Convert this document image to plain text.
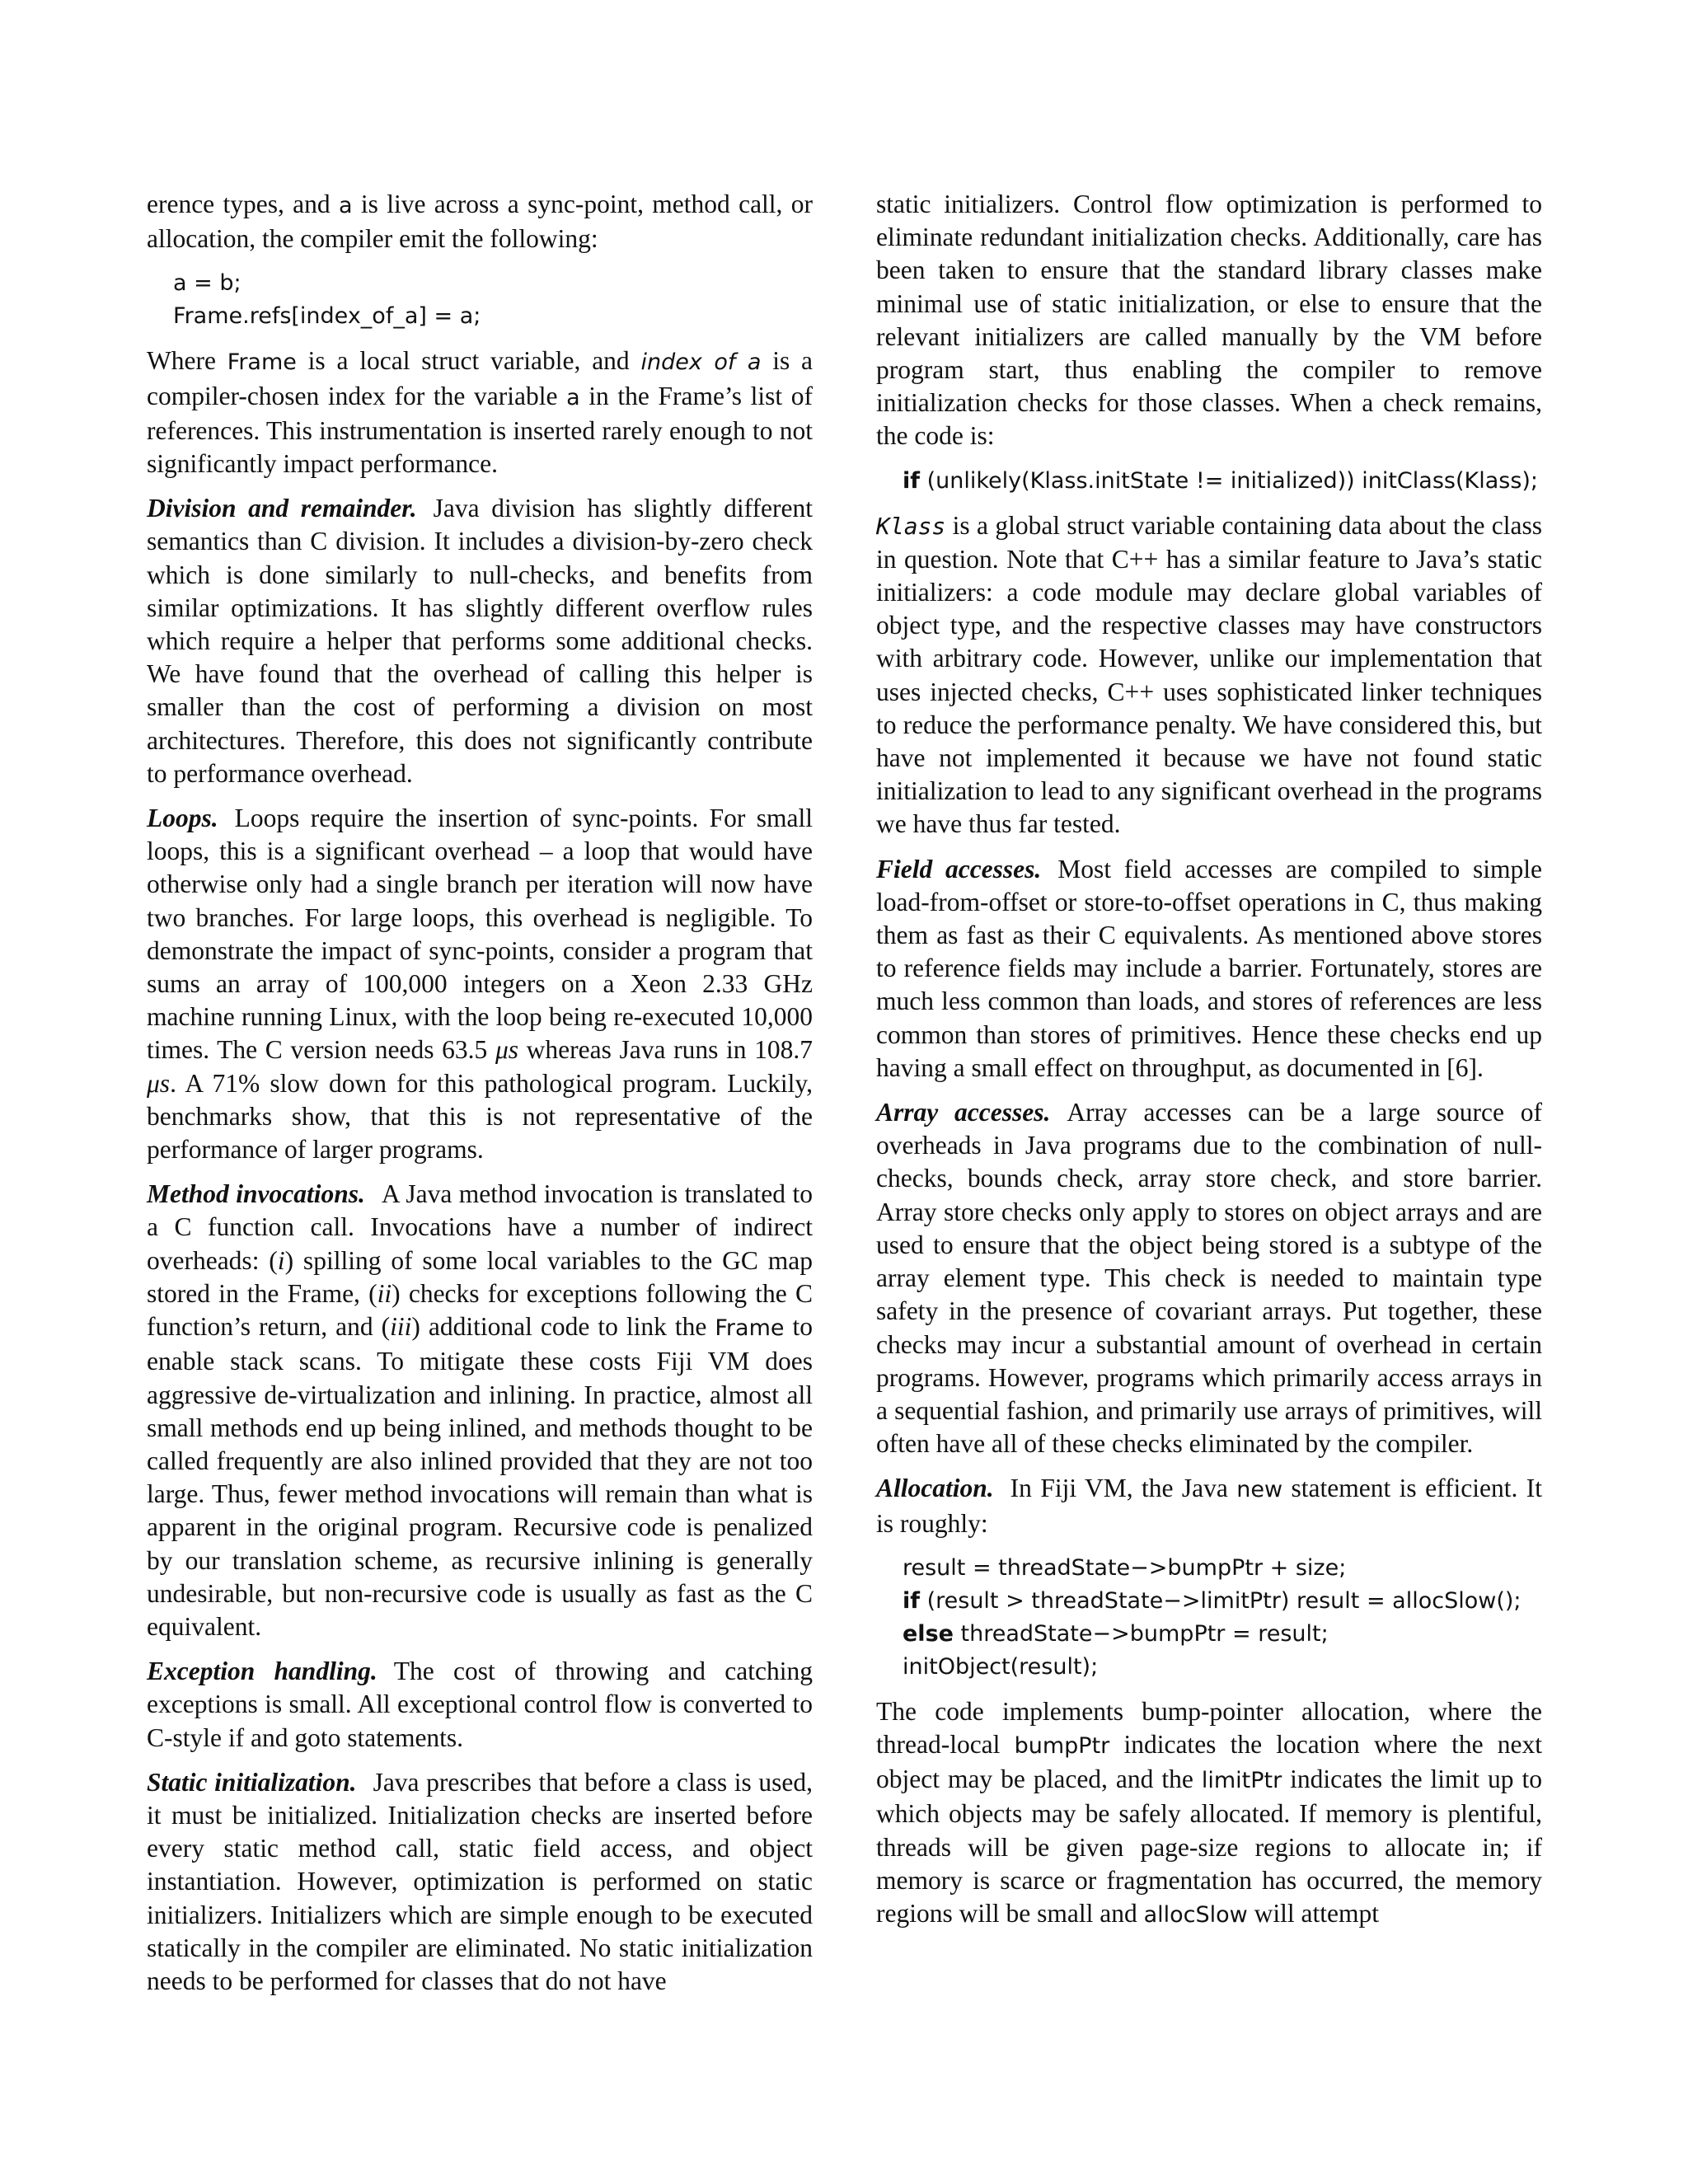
erence types, and a is live across a sync-point, method call, or allocation, the compiler emit the following:

a = b;
Frame.refs[index_of_a] = a;

Where Frame is a local struct variable, and index of a is a compiler-chosen index for the variable a in the Frame’s list of references. This instrumentation is inserted rarely enough to not significantly impact performance.

Division and remainder. Java division has slightly different semantics than C division. It includes a division-by-zero check which is done similarly to null-checks, and benefits from similar optimizations. It has slightly different overflow rules which require a helper that performs some additional checks. We have found that the overhead of calling this helper is smaller than the cost of performing a division on most architectures. Therefore, this does not significantly contribute to performance overhead.

Loops. Loops require the insertion of sync-points. For small loops, this is a significant overhead – a loop that would have otherwise only had a single branch per iteration will now have two branches. For large loops, this overhead is negligible. To demonstrate the impact of sync-points, consider a program that sums an array of 100,000 integers on a Xeon 2.33 GHz machine running Linux, with the loop being re-executed 10,000 times. The C version needs 63.5 μs whereas Java runs in 108.7 μs. A 71% slow down for this pathological program. Luckily, benchmarks show, that this is not representative of the performance of larger programs.

Method invocations. A Java method invocation is translated to a C function call. Invocations have a number of indirect overheads: (i) spilling of some local variables to the GC map stored in the Frame, (ii) checks for exceptions following the C function’s return, and (iii) additional code to link the Frame to enable stack scans. To mitigate these costs Fiji VM does aggressive de-virtualization and inlining. In practice, almost all small methods end up being inlined, and methods thought to be called frequently are also inlined provided that they are not too large. Thus, fewer method invocations will remain than what is apparent in the original program. Recursive code is penalized by our translation scheme, as recursive inlining is generally undesirable, but non-recursive code is usually as fast as the C equivalent.

Exception handling. The cost of throwing and catching exceptions is small. All exceptional control flow is converted to C-style if and goto statements.

Static initialization. Java prescribes that before a class is used, it must be initialized. Initialization checks are inserted before every static method call, static field access, and object instantiation. However, optimization is performed on static initializers. Initializers which are simple enough to be executed statically in the compiler are eliminated. No static initialization needs to be performed for classes that do not have

static initializers. Control flow optimization is performed to eliminate redundant initialization checks. Additionally, care has been taken to ensure that the standard library classes make minimal use of static initialization, or else to ensure that the relevant initializers are called manually by the VM before program start, thus enabling the compiler to remove initialization checks for those classes. When a check remains, the code is:

if (unlikely(Klass.initState != initialized)) initClass(Klass);

Klass is a global struct variable containing data about the class in question. Note that C++ has a similar feature to Java’s static initializers: a code module may declare global variables of object type, and the respective classes may have constructors with arbitrary code. However, unlike our implementation that uses injected checks, C++ uses sophisticated linker techniques to reduce the performance penalty. We have considered this, but have not implemented it because we have not found static initialization to lead to any significant overhead in the programs we have thus far tested.

Field accesses. Most field accesses are compiled to simple load-from-offset or store-to-offset operations in C, thus making them as fast as their C equivalents. As mentioned above stores to reference fields may include a barrier. Fortunately, stores are much less common than loads, and stores of references are less common than stores of primitives. Hence these checks end up having a small effect on throughput, as documented in [6].

Array accesses. Array accesses can be a large source of overheads in Java programs due to the combination of null-checks, bounds check, array store check, and store barrier. Array store checks only apply to stores on object arrays and are used to ensure that the object being stored is a subtype of the array element type. This check is needed to maintain type safety in the presence of covariant arrays. Put together, these checks may incur a substantial amount of overhead in certain programs. However, programs which primarily access arrays in a sequential fashion, and primarily use arrays of primitives, will often have all of these checks eliminated by the compiler.

Allocation. In Fiji VM, the Java new statement is efficient. It is roughly:

result = threadState−>bumpPtr + size;
if (result > threadState−>limitPtr) result = allocSlow();
else threadState−>bumpPtr = result;
initObject(result);

The code implements bump-pointer allocation, where the thread-local bumpPtr indicates the location where the next object may be placed, and the limitPtr indicates the limit up to which objects may be safely allocated. If memory is plentiful, threads will be given page-size regions to allocate in; if memory is scarce or fragmentation has occurred, the memory regions will be small and allocSlow will attempt
